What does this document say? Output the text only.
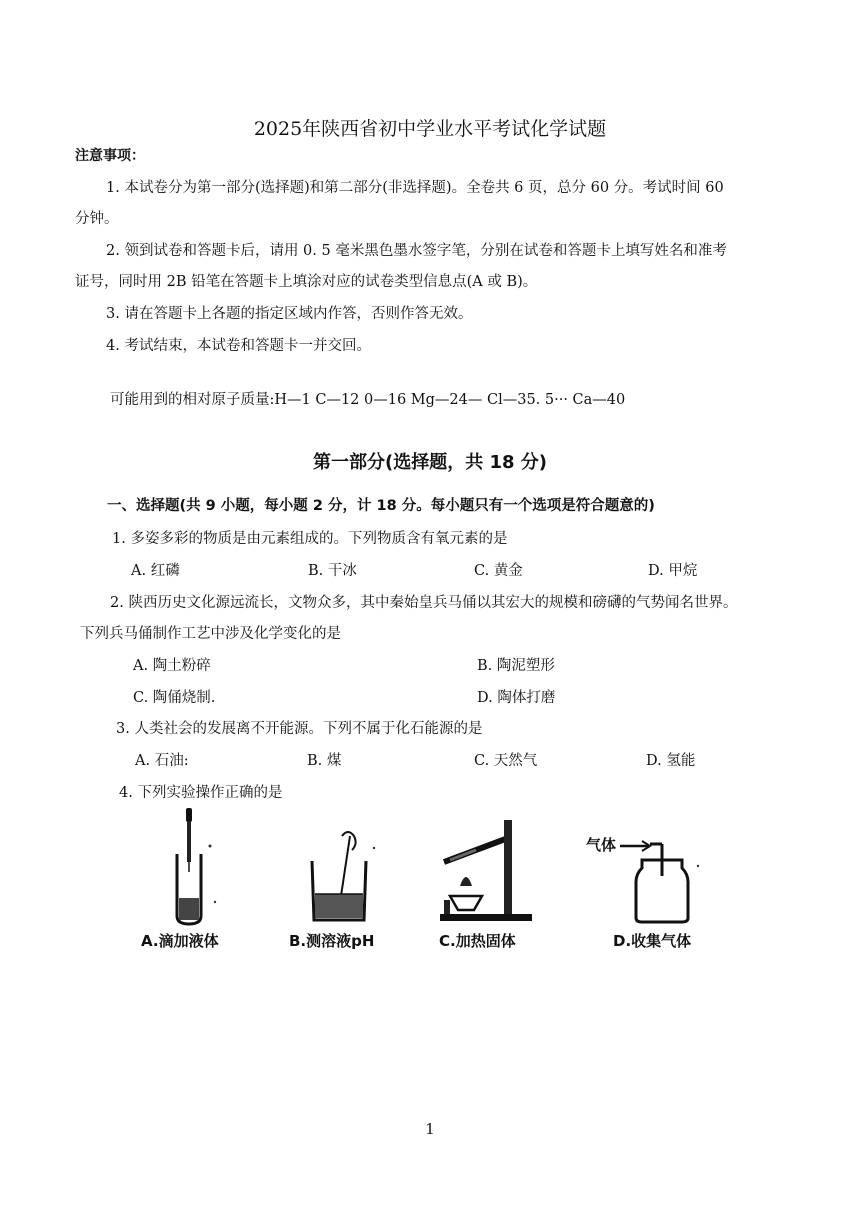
2025年陕西省初中学业水平考试化学试题
注意事项：
1. 本试卷分为第一部分(选择题)和第二部分(非选择题)。全卷共 6 页，总分 60 分。考试时间 60
分钟。
2. 领到试卷和答题卡后，请用 0. 5 毫米黑色墨水签字笔，分别在试卷和答题卡上填写姓名和准考
证号，同时用 2B 铅笔在答题卡上填涂对应的试卷类型信息点(A 或 B)。
3. 请在答题卡上各题的指定区域内作答，否则作答无效。
4. 考试结束，本试卷和答题卡一并交回。
可能用到的相对原子质量:H—1 C—12 0—16 Mg—24— Cl—35. 5··· Ca—40
第一部分(选择题，共 18 分)
一、选择题(共 9 小题，每小题 2 分，计 18 分。每小题只有一个选项是符合题意的)
1. 多姿多彩的物质是由元素组成的。下列物质含有氧元素的是
A. 红磷	B. 干冰	C. 黄金	D. 甲烷
2. 陕西历史文化源远流长，文物众多，其中秦始皇兵马俑以其宏大的规模和磅礴的气势闻名世界。
下列兵马俑制作工艺中涉及化学变化的是
A. 陶土粉碎	B. 陶泥塑形
C. 陶俑烧制.	D. 陶体打磨
3. 人类社会的发展离不开能源。下列不属于化石能源的是
A. 石油:	B. 煤	C. 天然气	D. 氢能
4. 下列实验操作正确的是
气体
A.滴加液体	B.测溶液pH	C.加热固体	D.收集气体
1
